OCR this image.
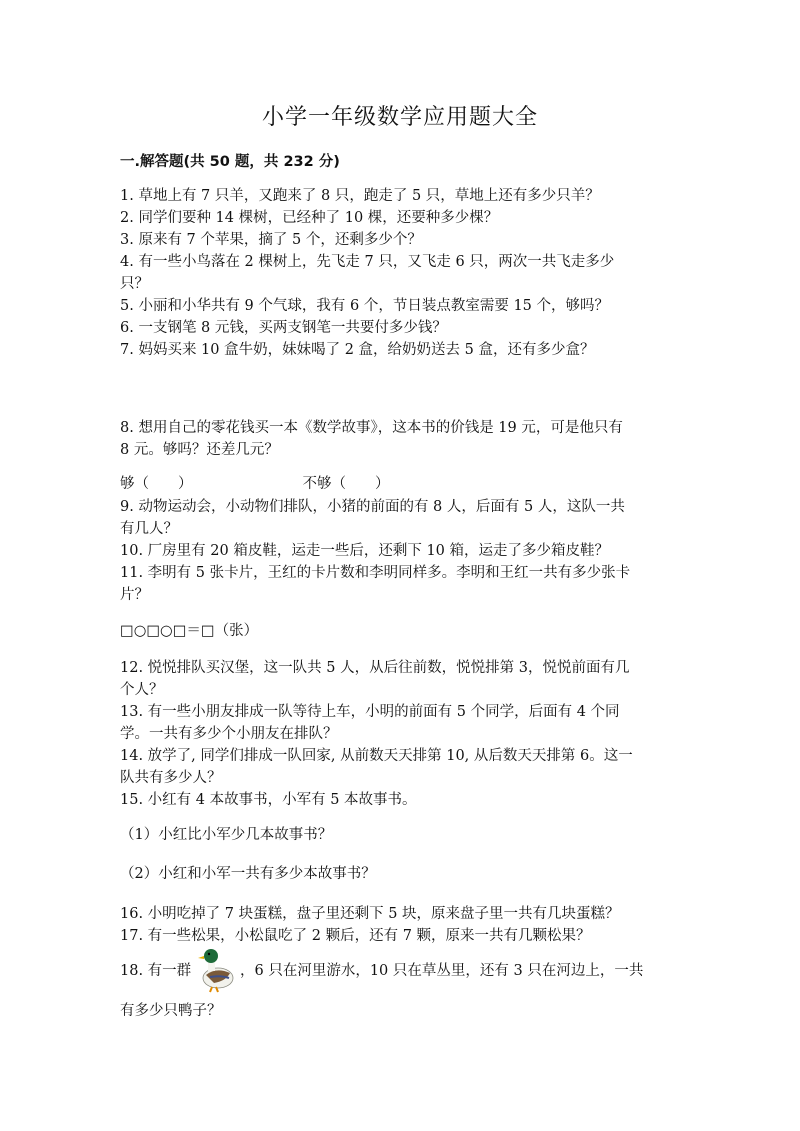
小学一年级数学应用题大全
一.解答题(共 50 题，共 232 分)
1. 草地上有 7 只羊，又跑来了 8 只，跑走了 5 只，草地上还有多少只羊？
2. 同学们要种 14 棵树，已经种了 10 棵，还要种多少棵？
3. 原来有 7 个苹果，摘了 5 个，还剩多少个？
4. 有一些小鸟落在 2 棵树上，先飞走 7 只，又飞走 6 只，两次一共飞走多少
只？
5. 小丽和小华共有 9 个气球，我有 6 个，节日装点教室需要 15 个，够吗？
6. 一支钢笔 8 元钱，买两支钢笔一共要付多少钱？
7. 妈妈买来 10 盒牛奶，妹妹喝了 2 盒，给奶奶送去 5 盒，还有多少盒？
8. 想用自己的零花钱买一本《数学故事》，这本书的价钱是 19 元，可是他只有
8 元。够吗？还差几元？
够（　　）	不够（　　）
9. 动物运动会，小动物们排队，小猪的前面的有 8 人，后面有 5 人，这队一共
有几人？
10. 厂房里有 20 箱皮鞋，运走一些后，还剩下 10 箱，运走了多少箱皮鞋？
11. 李明有 5 张卡片，王红的卡片数和李明同样多。李明和王红一共有多少张卡
片？
□○□○□＝□（张）
12. 悦悦排队买汉堡，这一队共 5 人，从后往前数，悦悦排第 3，悦悦前面有几
个人？
13. 有一些小朋友排成一队等待上车，小明的前面有 5 个同学，后面有 4 个同
学。一共有多少个小朋友在排队？
14. 放学了, 同学们排成一队回家, 从前数天天排第 10, 从后数天天排第 6。这一
队共有多少人？
15. 小红有 4 本故事书，小军有 5 本故事书。
（1）小红比小军少几本故事书？
（2）小红和小军一共有多少本故事书？
16. 小明吃掉了 7 块蛋糕，盘子里还剩下 5 块，原来盘子里一共有几块蛋糕？
17. 有一些松果，小松鼠吃了 2 颗后，还有 7 颗，原来一共有几颗松果？
18. 有一群	，6 只在河里游水，10 只在草丛里，还有 3 只在河边上，一共
有多少只鸭子？
